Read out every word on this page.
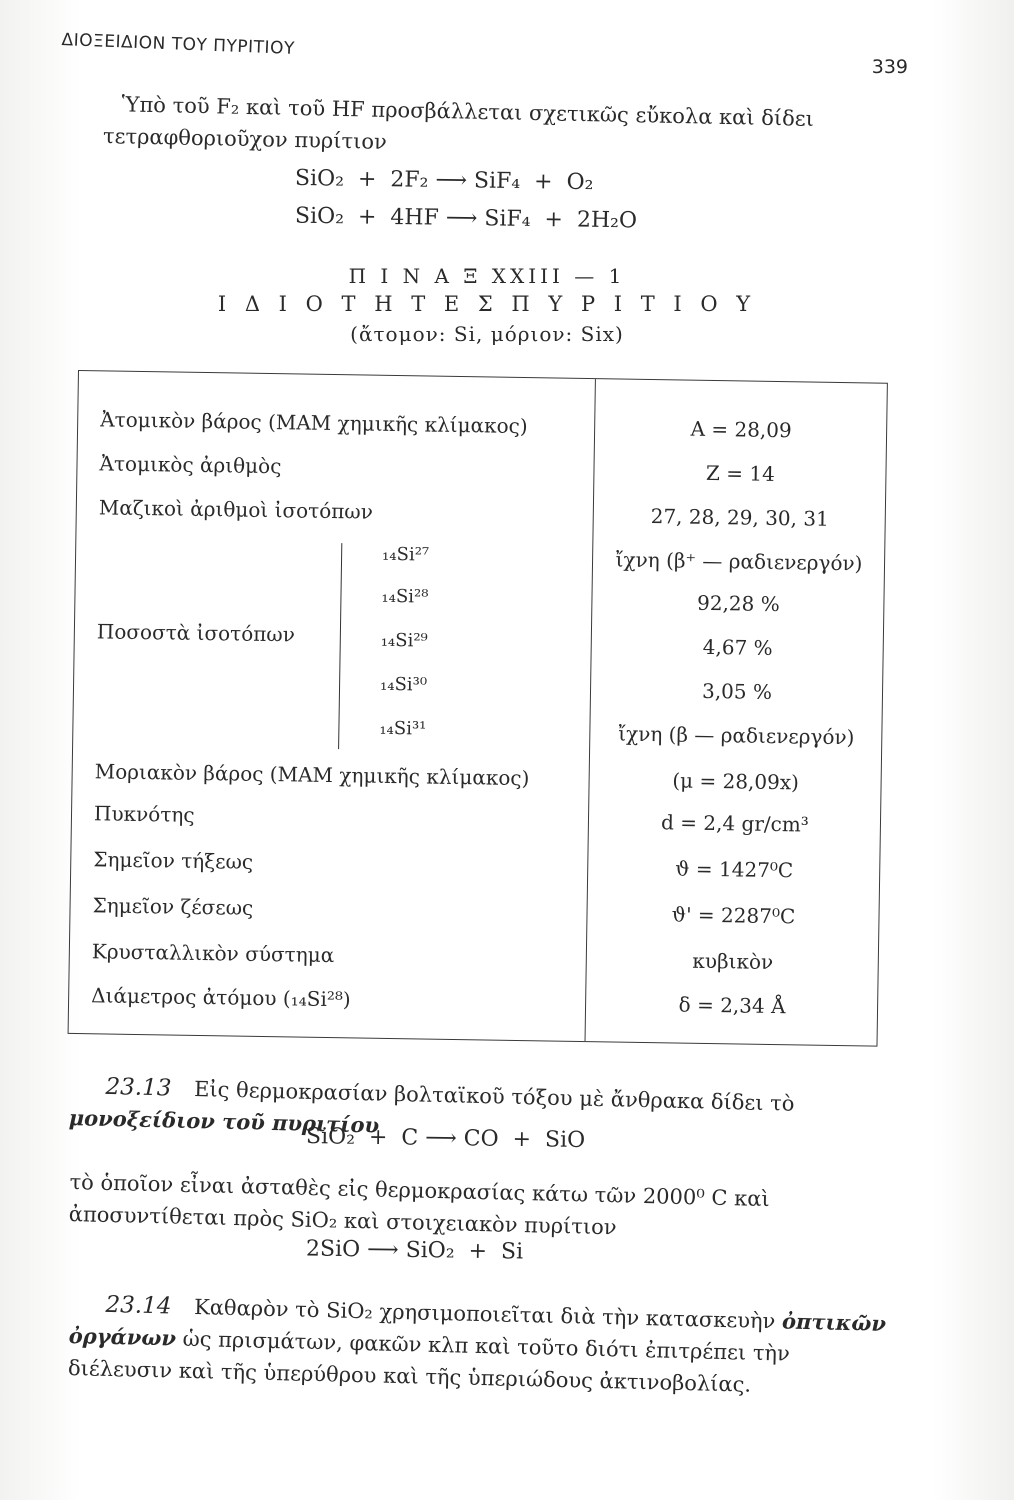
ΔΙΟΞΕΙΔΙΟΝ ΤΟΥ ΠΥΡΙΤΙΟΥ
339
Ὑπὸ τοῦ F₂ καὶ τοῦ HF προσβάλλεται σχετικῶς εὔκολα καὶ δίδει τετραφθοριοῦχον πυρίτιον
SiO₂  +  2F₂ ⟶ SiF₄  +  O₂
SiO₂  +  4HF ⟶ SiF₄  +  2H₂O
Π Ι Ν Α Ξ XXIII — 1
Ι Δ Ι Ο Τ Η Τ Ε Σ Π Υ Ρ Ι Τ Ι Ο Υ
(ἄτομον: Si, μόριον: Six)
Ἀτομικὸν βάρος (ΜΑΜ χημικῆς κλίμακος)	A = 28,09
Ἀτομικὸς ἀριθμὸς	Z = 14
Μαζικοὶ ἀριθμοὶ ἰσοτόπων	27, 28, 29, 30, 31
Ποσοστὰ ἰσοτόπων
₁₄Si²⁷	ἴχνη (β⁺ — ραδιενεργόν)
₁₄Si²⁸	92,28 %
₁₄Si²⁹	4,67 %
₁₄Si³⁰	3,05 %
₁₄Si³¹	ἴχνη (β — ραδιενεργόν)
Μοριακὸν βάρος (ΜΑΜ χημικῆς κλίμακος)	(μ = 28,09x)
Πυκνότης	d = 2,4 gr/cm³
Σημεῖον τήξεως	ϑ = 1427⁰C
Σημεῖον ζέσεως	ϑ' = 2287⁰C
Κρυσταλλικὸν σύστημα	κυβικὸν
Διάμετρος ἀτόμου (₁₄Si²⁸)	δ = 2,34 Å
23.13 Εἰς θερμοκρασίαν βολταϊκοῦ τόξου μὲ ἄνθρακα δίδει τὸ μονοξείδιον τοῦ πυριτίου
SiO₂  +  C ⟶ CO  +  SiO
τὸ ὁποῖον εἶναι ἀσταθὲς εἰς θερμοκρασίας κάτω τῶν 2000⁰ C καὶ ἀποσυντίθεται πρὸς SiO₂ καὶ στοιχειακὸν πυρίτιον
2SiO ⟶ SiO₂  +  Si
23.14 Καθαρὸν τὸ SiO₂ χρησιμοποιεῖται διὰ τὴν κατασκευὴν ὀπτικῶν ὀργάνων ὡς πρισμάτων, φακῶν κλπ καὶ τοῦτο διότι ἐπιτρέπει τὴν διέλευσιν καὶ τῆς ὑπερύθρου καὶ τῆς ὑπεριώδους ἀκτινοβολίας.
